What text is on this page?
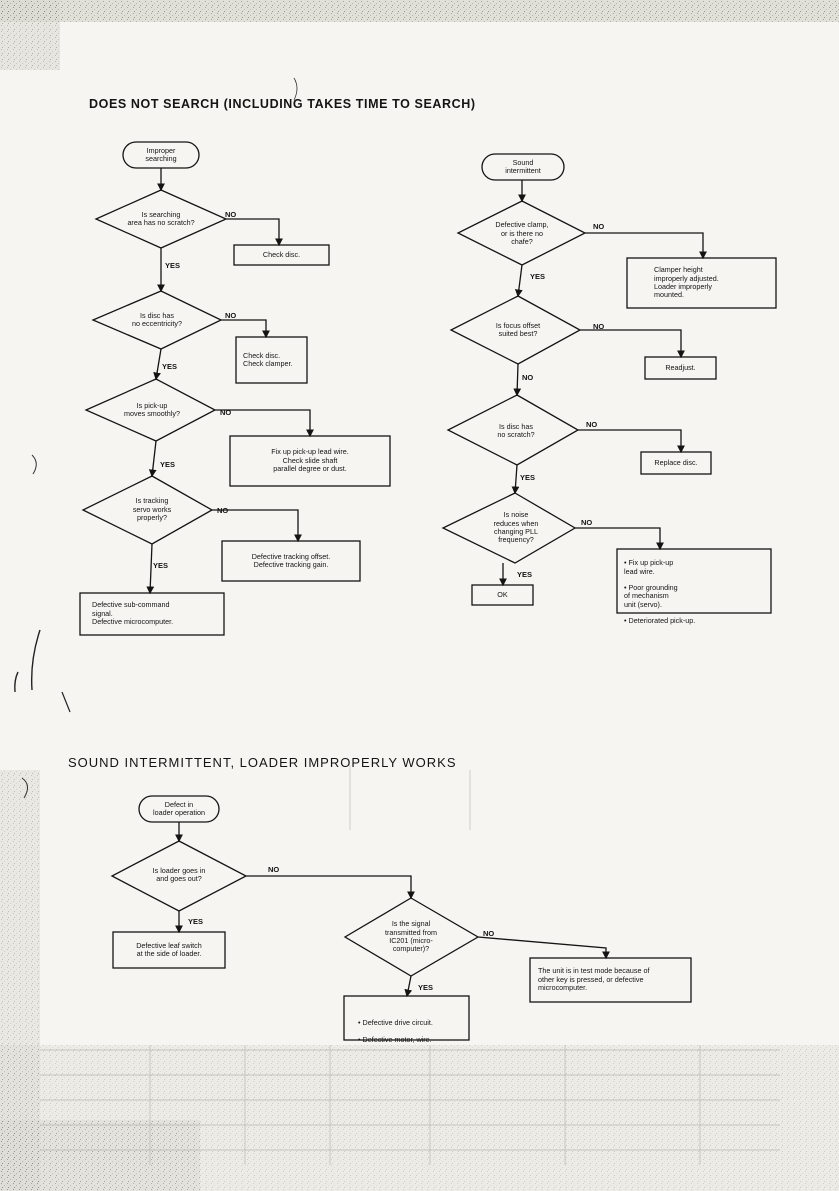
DOES NOT SEARCH (INCLUDING TAKES TIME TO SEARCH)
SOUND INTERMITTENT, LOADER IMPROPERLY WORKS
Improper
searching
Is searching
area has no scratch?
NO
Check disc.
YES
Is disc has
no eccentricity?
NO
Check disc.
Check clamper.
YES
Is pick-up
moves smoothly?	NO
Fix up pick-up lead wire.
Check slide shaft
parallel degree or dust.
YES
Is tracking
servo works
properly?
NO
Defective tracking offset.
Defective tracking gain.
YES
Defective sub-command
signal.
Defective microcomputer.
Sound
intermittent
Defective clamp,
or is there no
chafe?
NO
Clamper height
improperly adjusted.
Loader improperly
mounted.
YES
Is focus offset
suited best?
NO
Readjust.
NO
Is disc has
no scratch?
NO
Replace disc.
YES
Is noise
reduces when
changing PLL
frequency?
NO

• Fix up pick-up
lead wire.

• Poor grounding
of mechanism
unit (servo).

• Deteriorated pick-up.

YES
OK
Defect in
loader operation
Is loader goes in
and goes out?
NO
YES
Defective leaf switch
at the side of loader.
Is the signal
transmitted from
IC201 (micro-
computer)?
NO
The unit is in test mode because of
other key is pressed, or defective
microcomputer.
YES

• Defective drive circuit.

• Defective motor, wire.
